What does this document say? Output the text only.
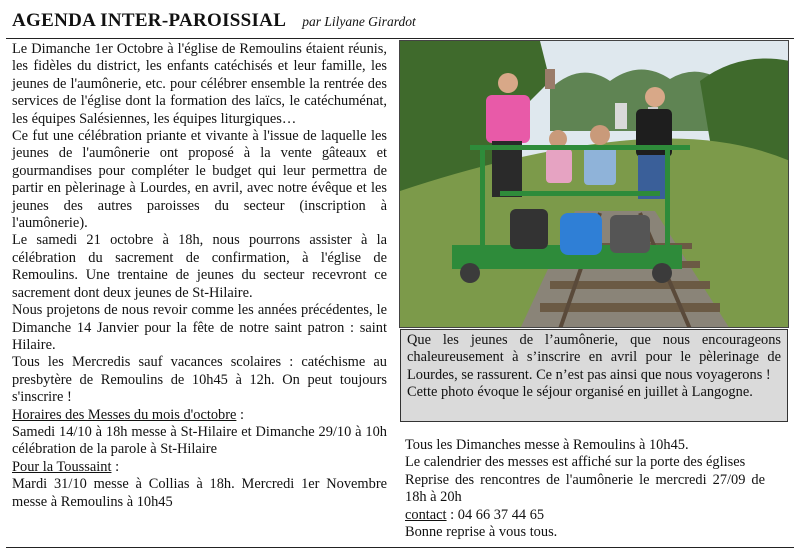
AGENDA INTER-PAROISSIAL par Lilyane Girardot

Le Dimanche 1er Octobre à l'église de Remoulins étaient réunis, les fidèles du district, les enfants catéchisés et leur famille, les jeunes de l'aumônerie, etc. pour célébrer ensemble la rentrée des services de l'église dont la formation des laïcs, le catéchuménat, les équipes Salésiennes, les équipes liturgiques…

Ce fut une célébration priante et vivante à l'issue de laquelle les jeunes de l'aumônerie ont proposé à la vente gâteaux et gourmandises pour compléter le budget qui leur permettra de partir en pèlerinage à Lourdes, en avril, avec notre évêque et les jeunes des autres paroisses du secteur (inscription à l'aumônerie).

Le samedi 21 octobre à 18h, nous pourrons assister à la célébration du sacrement de confirmation, à l'église de Remoulins. Une trentaine de jeunes du secteur recevront ce sacrement dont deux jeunes de St-Hilaire.

Nous projetons de nous revoir comme les années précédentes, le Dimanche 14 Janvier pour la fête de notre saint patron : saint Hilaire.

Tous les Mercredis sauf vacances scolaires : catéchisme au presbytère de Remoulins de 10h45 à 12h. On peut toujours s'inscrire !

Horaires des Messes du mois d'octobre :

Samedi 14/10 à 18h messe à St-Hilaire et Dimanche 29/10 à 10h célébration de la parole à St-Hilaire

Pour la Toussaint :

Mardi 31/10 messe à Collias à 18h. Mercredi 1er Novembre messe à Remoulins à 10h45

Que les jeunes de l’aumônerie, que nous encourageons chaleureusement à s’inscrire en avril pour le pèlerinage de Lourdes, se rassurent. Ce n’est pas ainsi que nous voyagerons !

Cette photo évoque le séjour organisé en juillet à Langogne.

Tous les Dimanches messe à Remoulins à 10h45.

Le calendrier des messes est affiché sur la porte des églises

Reprise des rencontres de l'aumônerie le mercredi 27/09 de 18h à 20h

contact : 04 66 37 44 65

Bonne reprise à vous tous.
